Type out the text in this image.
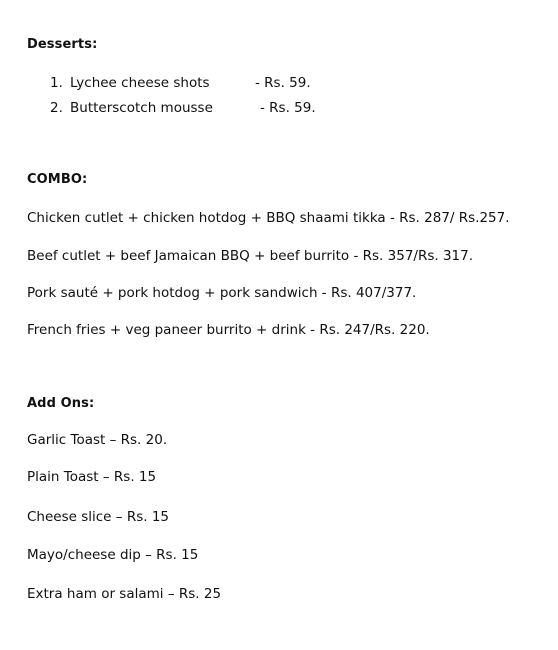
Desserts:
1. Lychee cheese shots	- Rs. 59.
2. Butterscotch mousse	- Rs. 59.
COMBO:
Chicken cutlet + chicken hotdog + BBQ shaami tikka - Rs. 287/ Rs.257.
Beef cutlet + beef Jamaican BBQ + beef burrito - Rs. 357/Rs. 317.
Pork sauté + pork hotdog + pork sandwich - Rs. 407/377.
French fries + veg paneer burrito + drink - Rs. 247/Rs. 220.
Add Ons:
Garlic Toast – Rs. 20.
Plain Toast – Rs. 15
Cheese slice – Rs. 15
Mayo/cheese dip – Rs. 15
Extra ham or salami – Rs. 25
